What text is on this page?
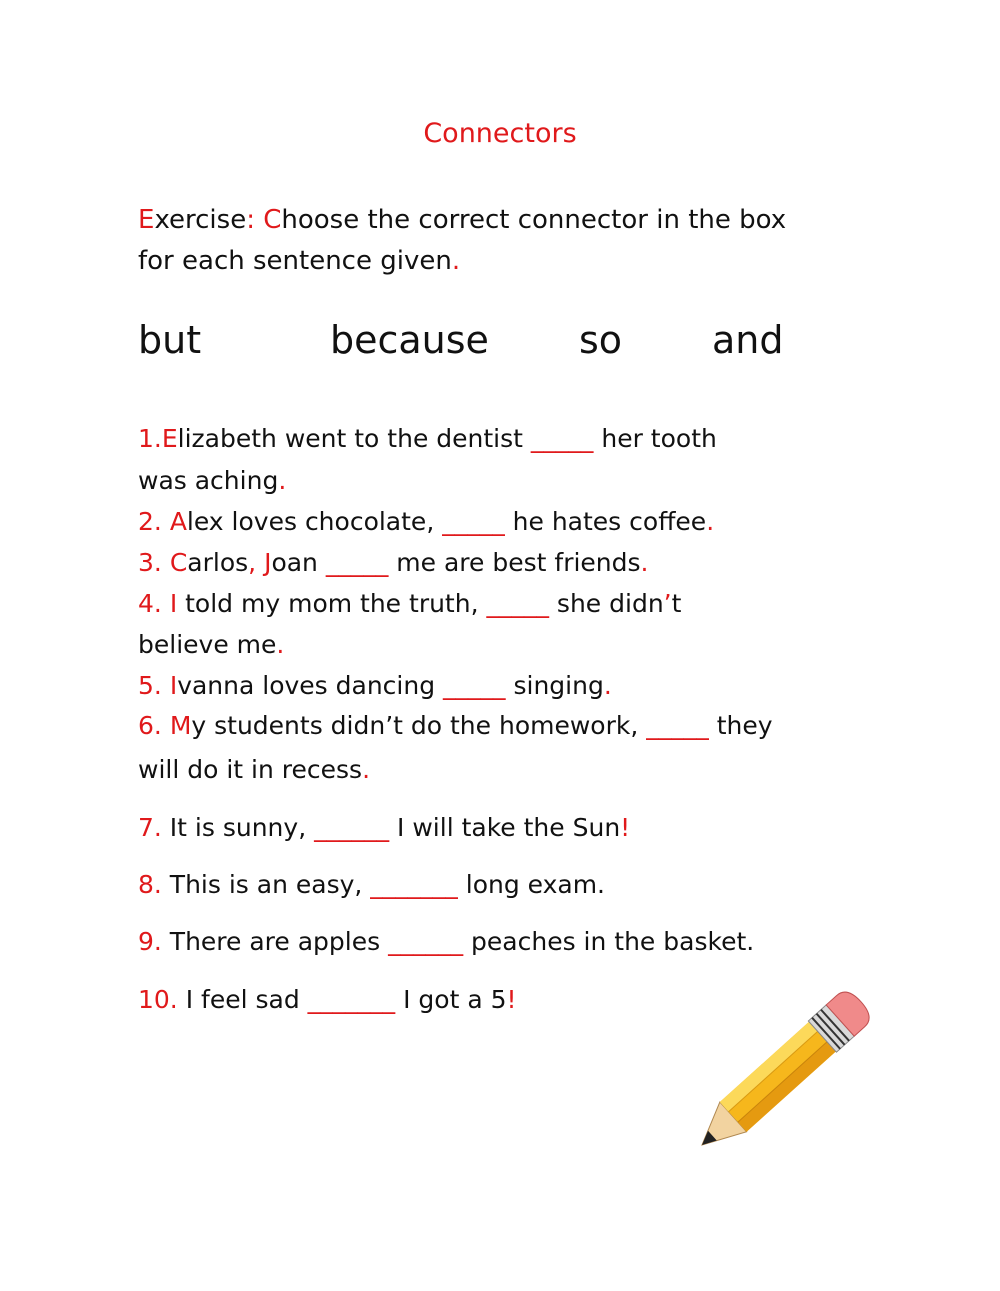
Connectors
Exercise: Choose the correct connector in the box
for each sentence given.
but	because so and
1.Elizabeth went to the dentist _____ her tooth
was aching.
2. Alex loves chocolate, _____ he hates coffee.
3. Carlos, Joan _____ me are best friends.
4. I told my mom the truth, _____ she didn’t
believe me.
5. Ivanna loves dancing _____ singing.
6. My students didn’t do the homework, _____ they
will do it in recess.
7. It is sunny, ______ I will take the Sun!
8. This is an easy, _______ long exam.
9. There are apples ______ peaches in the basket.
10. I feel sad _______ I got a 5!
